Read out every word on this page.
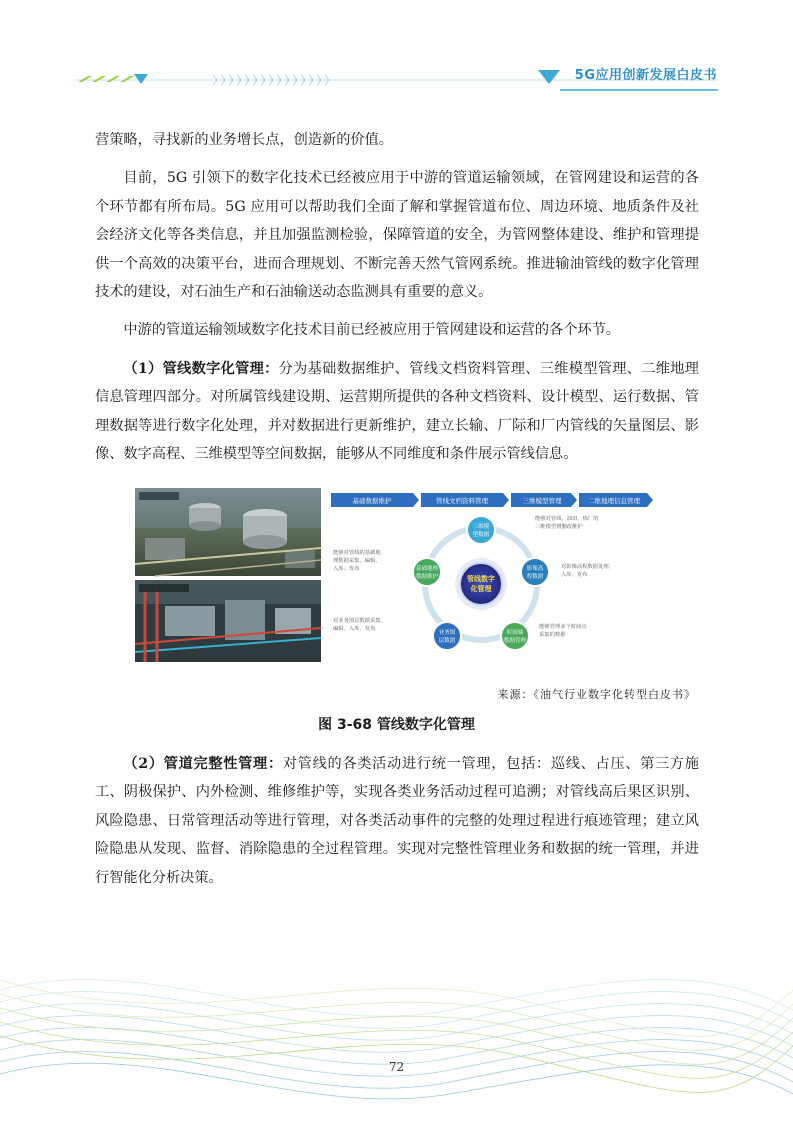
5G应用创新发展白皮书

营策略，寻找新的业务增长点，创造新的价值。

目前，5G 引领下的数字化技术已经被应用于中游的管道运输领域，在管网建设和运营的各个环节都有所布局。5G 应用可以帮助我们全面了解和掌握管道布位、周边环境、地质条件及社会经济文化等各类信息，并且加强监测检验，保障管道的安全，为管网整体建设、维护和管理提供一个高效的决策平台，进而合理规划、不断完善天然气管网系统。推进输油管线的数字化管理技术的建设，对石油生产和石油输送动态监测具有重要的意义。

中游的管道运输领域数字化技术目前已经被应用于管网建设和运营的各个环节。

（1）管线数字化管理：分为基础数据维护、管线文档资料管理、三维模型管理、二维地理信息管理四部分。对所属管线建设期、运营期所提供的各种文档资料、设计模型、运行数据、管理数据等进行数字化处理，并对数据进行更新维护，建立长输、厂际和厂内管线的矢量图层、影像、数字高程、三维模型等空间数据，能够从不同维度和条件展示管线信息。

基础数据维护	管线文档资料管理	三维模型管理	二维地理信息管理
管线数字
化管理
三维模
型数据
影像高
程数据
时间轴
数据管理
业务图
层数据
基础地理
数据维护
能够对管线、油田、炼厂的
三维模型增删改维护
对影像高程数据处理、
入库、发布
能够管理多个时间点
采集的数据
对业务图层数据采集、
编辑、入库、发布
能够对管线的基础地
理数据采集、编辑、
入库、发布
来源：《油气行业数字化转型白皮书》
图 3-68 管线数字化管理

（2）管道完整性管理：对管线的各类活动进行统一管理，包括：巡线、占压、第三方施工、阴极保护、内外检测、维修维护等，实现各类业务活动过程可追溯；对管线高后果区识别、风险隐患、日常管理活动等进行管理，对各类活动事件的完整的处理过程进行痕迹管理；建立风险隐患从发现、监督、消除隐患的全过程管理。实现对完整性管理业务和数据的统一管理，并进行智能化分析决策。

72
